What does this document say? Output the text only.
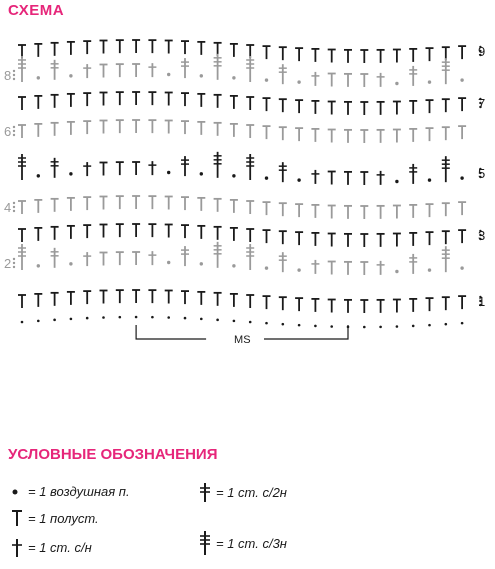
СХЕМА
9
8
7
6
5
4
3
2
1
MS
УСЛОВНЫЕ ОБОЗНАЧЕНИЯ
= 1 воздушная п.
= 1 полуст.
= 1 ст. с/н
= 1 ст. с/2н
= 1 ст. с/3н
